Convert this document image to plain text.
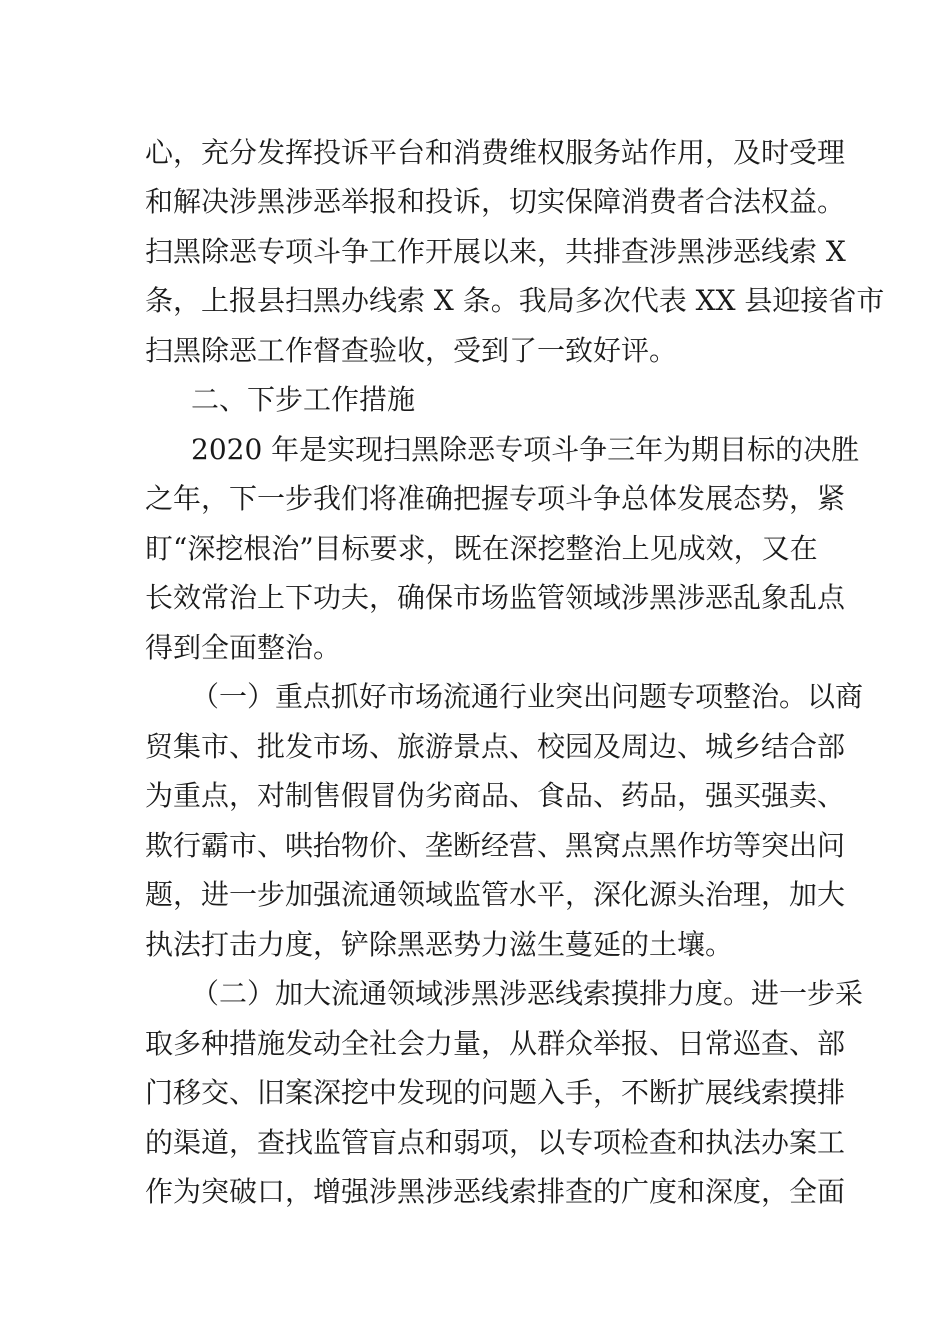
心，充分发挥投诉平台和消费维权服务站作用，及时受理
和解决涉黑涉恶举报和投诉，切实保障消费者合法权益。
扫黑除恶专项斗争工作开展以来，共排查涉黑涉恶线索 X
条，上报县扫黑办线索 X 条。我局多次代表 XX 县迎接省市
扫黑除恶工作督查验收，受到了一致好评。
二、下步工作措施
2020 年是实现扫黑除恶专项斗争三年为期目标的决胜
之年，下一步我们将准确把握专项斗争总体发展态势，紧
盯“深挖根治”目标要求，既在深挖整治上见成效，又在
长效常治上下功夫，确保市场监管领域涉黑涉恶乱象乱点
得到全面整治。
（一）重点抓好市场流通行业突出问题专项整治。以商
贸集市、批发市场、旅游景点、校园及周边、城乡结合部
为重点，对制售假冒伪劣商品、食品、药品，强买强卖、
欺行霸市、哄抬物价、垄断经营、黑窝点黑作坊等突出问
题，进一步加强流通领域监管水平，深化源头治理，加大
执法打击力度，铲除黑恶势力滋生蔓延的土壤。
（二）加大流通领域涉黑涉恶线索摸排力度。进一步采
取多种措施发动全社会力量，从群众举报、日常巡查、部
门移交、旧案深挖中发现的问题入手，不断扩展线索摸排
的渠道，查找监管盲点和弱项，以专项检查和执法办案工
作为突破口，增强涉黑涉恶线索排查的广度和深度，全面
